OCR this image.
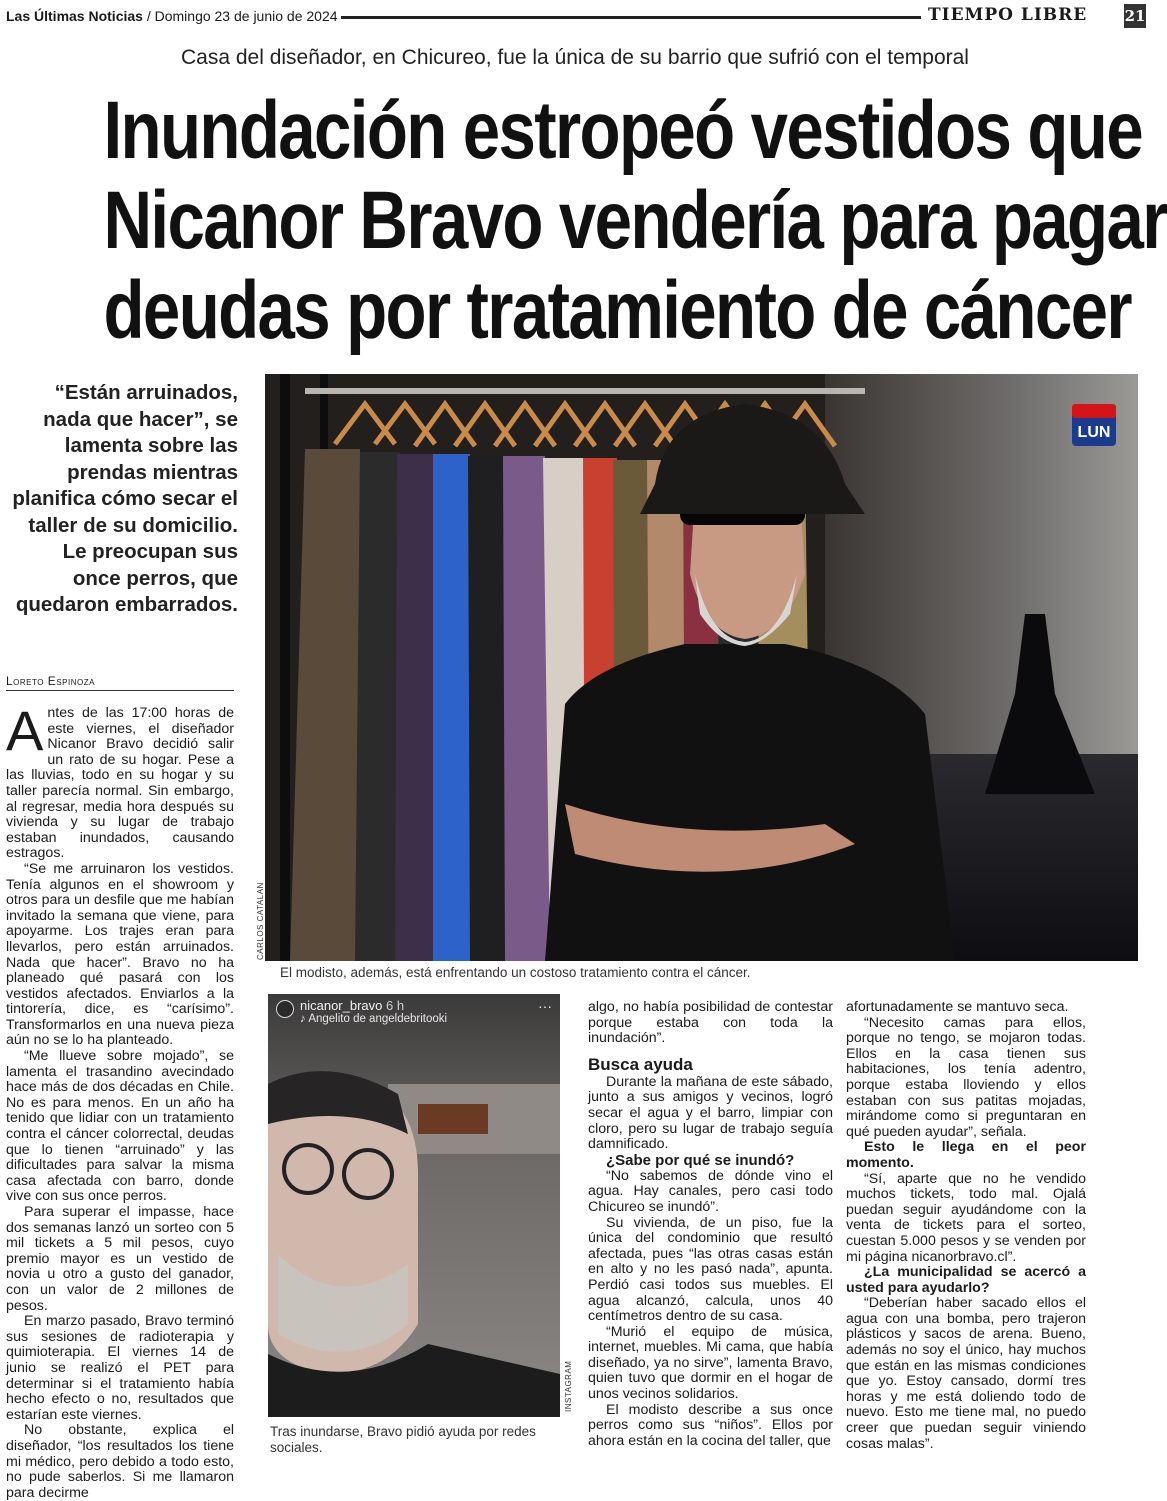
Las Últimas Noticias / Domingo 23 de junio de 2024	TIEMPO LIBRE 21
Casa del diseñador, en Chicureo, fue la única de su barrio que sufrió con el temporal
Inundación estropeó vestidos que
Nicanor Bravo vendería para pagar
deudas por tratamiento de cáncer
“Están arruinados, nada que hacer”, se lamenta sobre las prendas mientras planifica cómo secar el taller de su domicilio. Le preocupan sus once perros, que quedaron embarrados.
Loreto Espinoza

Antes de las 17:00 horas de este viernes, el diseñador Nicanor Bravo decidió salir un rato de su hogar. Pese a las lluvias, todo en su hogar y su taller parecía normal. Sin embargo, al regresar, media hora después su vivienda y su lugar de trabajo estaban inundados, causando estragos.

“Se me arruinaron los vestidos. Tenía algunos en el showroom y otros para un desfile que me habían invitado la semana que viene, para apoyarme. Los trajes eran para llevarlos, pero están arruinados. Nada que hacer”. Bravo no ha planeado qué pasará con los vestidos afectados. Enviarlos a la tintorería, dice, es “carísimo”. Transformarlos en una nueva pieza aún no se lo ha planteado.

“Me llueve sobre mojado”, se lamenta el trasandino avecindado hace más de dos décadas en Chile. No es para menos. En un año ha tenido que lidiar con un tratamiento contra el cáncer colorrectal, deudas que lo tienen “arruinado” y las dificultades para salvar la misma casa afectada con barro, donde vive con sus once perros.

Para superar el impasse, hace dos semanas lanzó un sorteo con 5 mil tickets a 5 mil pesos, cuyo premio mayor es un vestido de novia u otro a gusto del ganador, con un valor de 2 millones de pesos.

En marzo pasado, Bravo terminó sus sesiones de radioterapia y quimioterapia. El viernes 14 de junio se realizó el PET para determinar si el tratamiento había hecho efecto o no, resultados que estarían este viernes.

No obstante, explica el diseñador, “los resultados los tiene mi médico, pero debido a todo esto, no pude saberlos. Si me llamaron para decirme

LUN
CARLOS CATALAN
El modisto, además, está enfrentando un costoso tratamiento contra el cáncer.
nicanor_bravo 6 h
♪ Angelito de angeldebritooki
···
INSTAGRAM
Tras inundarse, Bravo pidió ayuda por redes sociales.

algo, no había posibilidad de contestar porque estaba con toda la inundación”.

Busca ayuda

Durante la mañana de este sábado, junto a sus amigos y vecinos, logró secar el agua y el barro, limpiar con cloro, pero su lugar de trabajo seguía damnificado.

¿Sabe por qué se inundó?

“No sabemos de dónde vino el agua. Hay canales, pero casi todo Chicureo se inundó”.

Su vivienda, de un piso, fue la única del condominio que resultó afectada, pues “las otras casas están en alto y no les pasó nada”, apunta. Perdió casi todos sus muebles. El agua alcanzó, calcula, unos 40 centímetros dentro de su casa.

“Murió el equipo de música, internet, muebles. Mi cama, que había diseñado, ya no sirve”, lamenta Bravo, quien tuvo que dormir en el hogar de unos vecinos solidarios.

El modisto describe a sus once perros como sus “niños”. Ellos por ahora están en la cocina del taller, que

afortunadamente se mantuvo seca.

“Necesito camas para ellos, porque no tengo, se mojaron todas. Ellos en la casa tienen sus habitaciones, los tenía adentro, porque estaba lloviendo y ellos estaban con sus patitas mojadas, mirándome como si preguntaran en qué pueden ayudar”, señala.

Esto le llega en el peor momento.

“Sí, aparte que no he vendido muchos tickets, todo mal. Ojalá puedan seguir ayudándome con la venta de tickets para el sorteo, cuestan 5.000 pesos y se venden por mi página nicanorbravo.cl”.

¿La municipalidad se acercó a usted para ayudarlo?

“Deberían haber sacado ellos el agua con una bomba, pero trajeron plásticos y sacos de arena. Bueno, además no soy el único, hay muchos que están en las mismas condiciones que yo. Estoy cansado, dormí tres horas y me está doliendo todo de nuevo. Esto me tiene mal, no puedo creer que puedan seguir viniendo cosas malas”.
